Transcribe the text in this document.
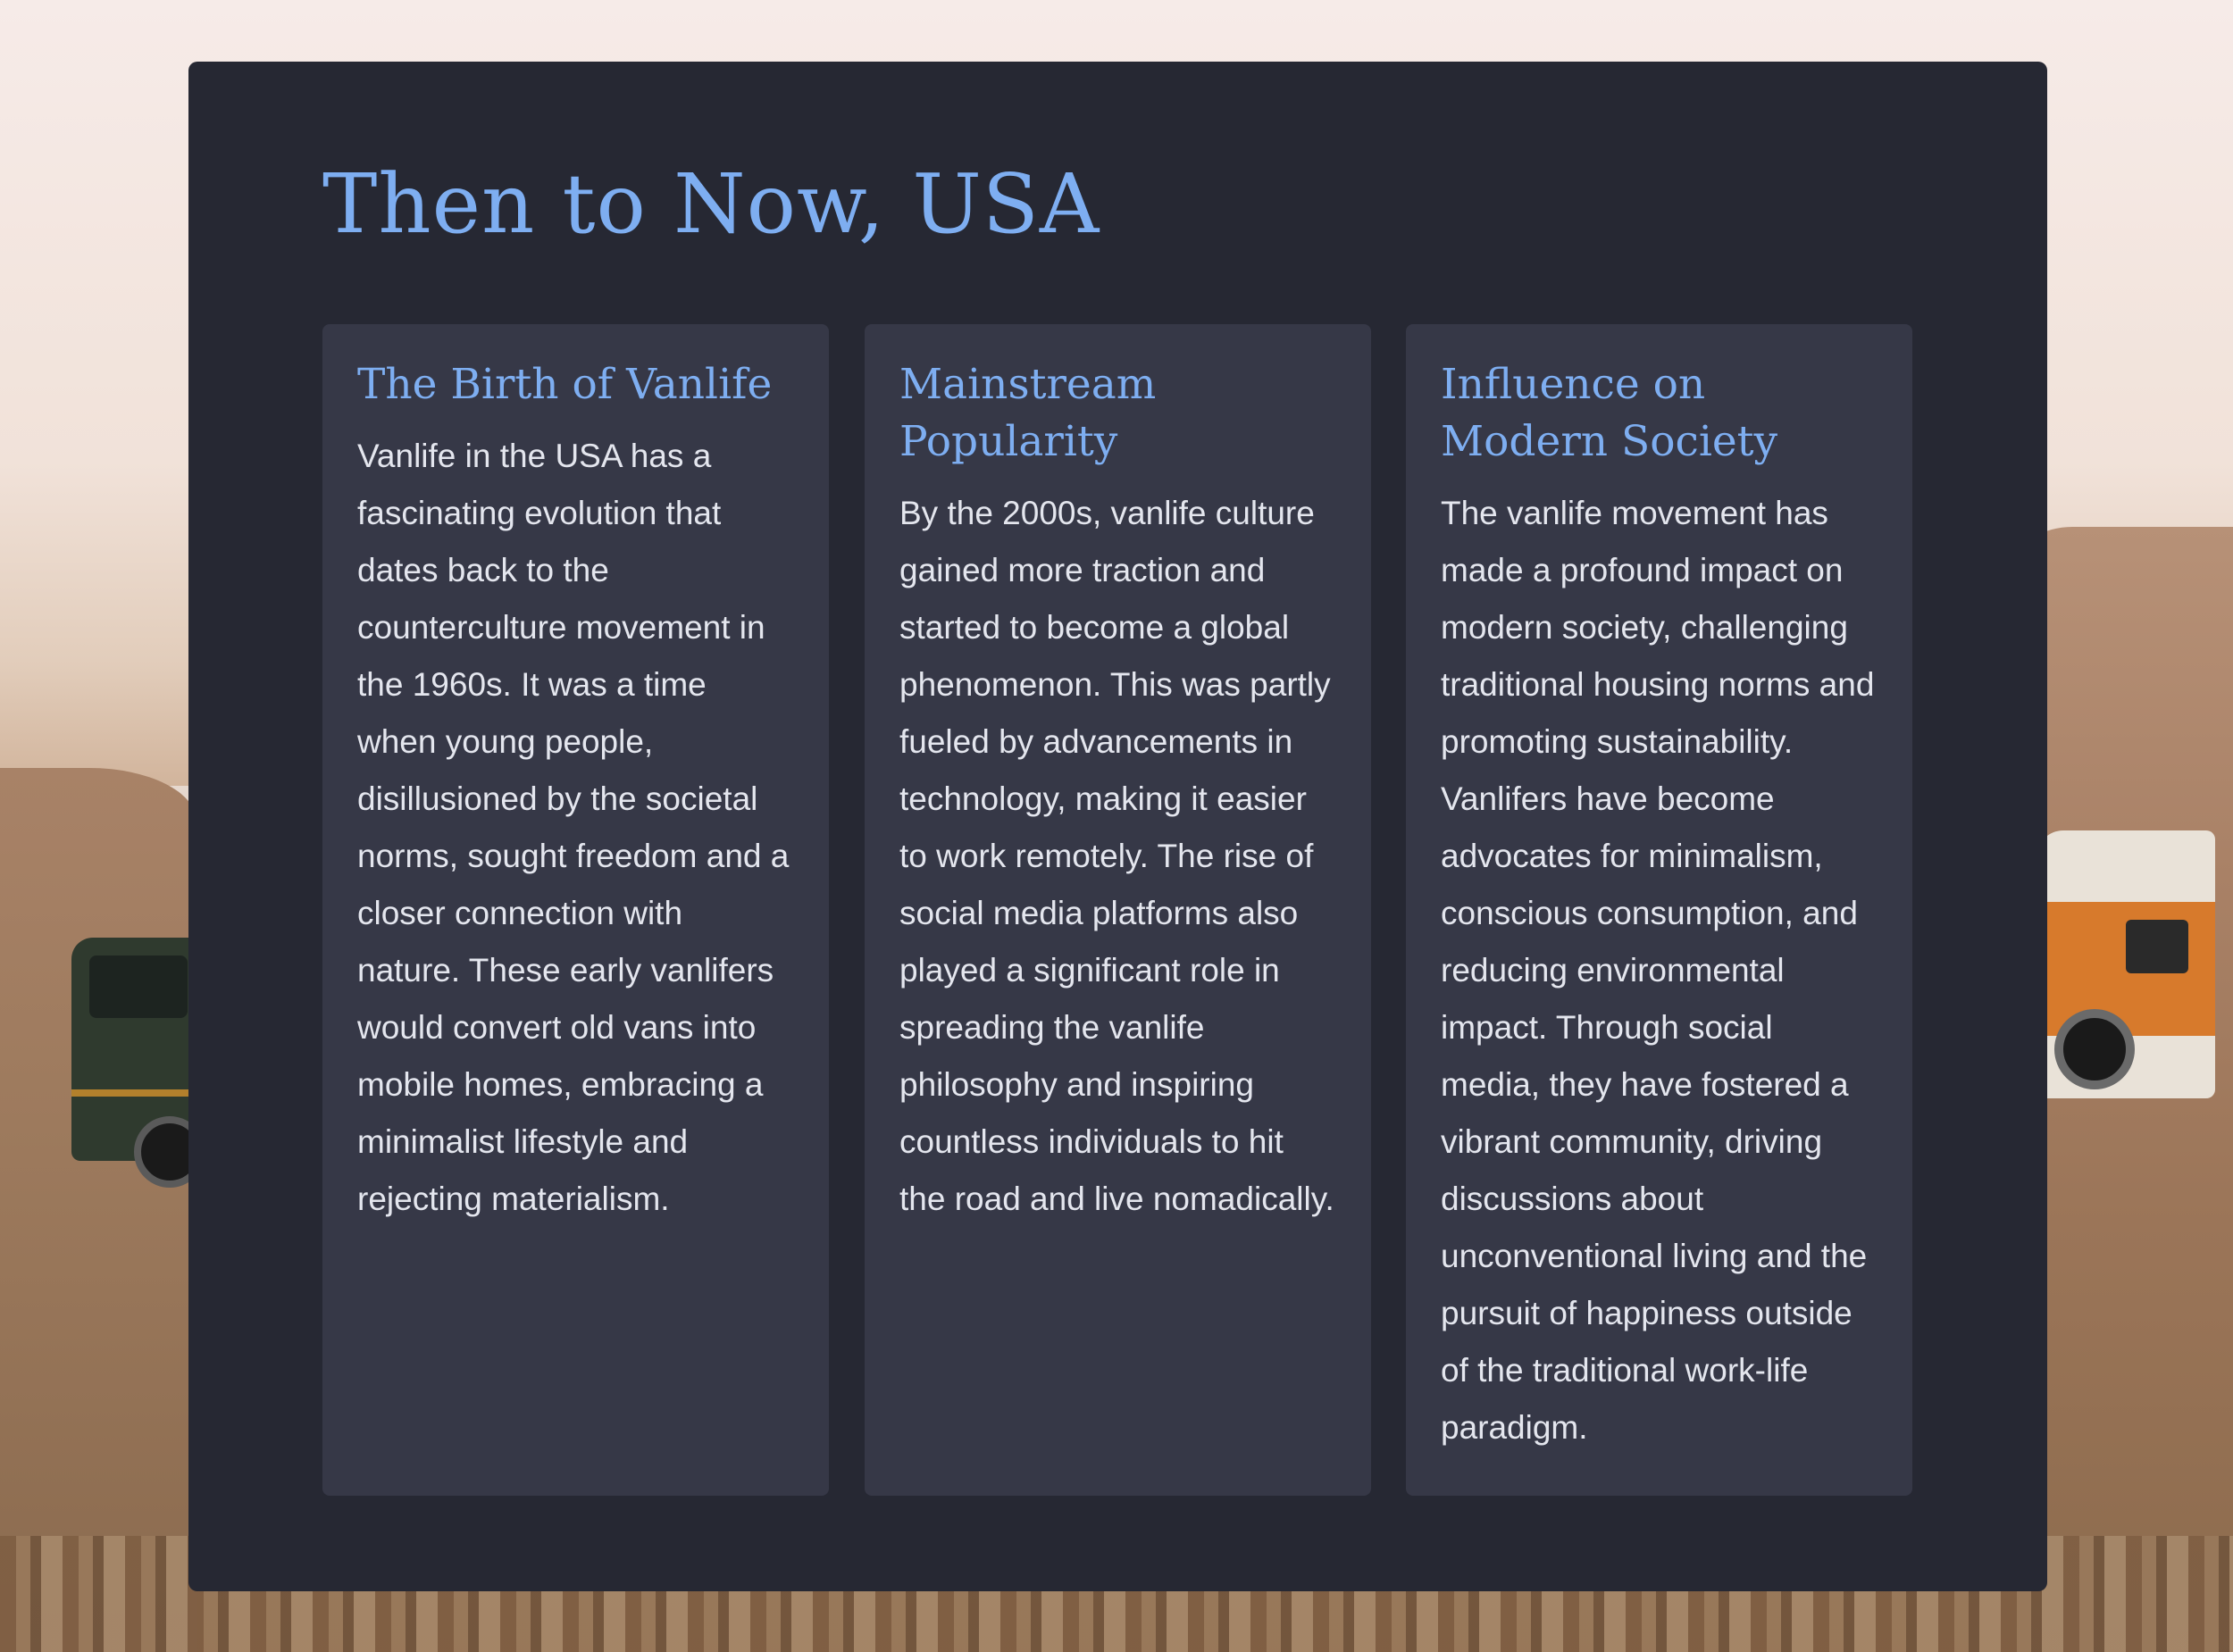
Then to Now, USA
The Birth of Vanlife

Vanlife in the USA has a fascinating evolution that dates back to the counterculture movement in the 1960s. It was a time when young people, disillusioned by the societal norms, sought freedom and a closer connection with nature. These early vanlifers would convert old vans into mobile homes, embracing a minimalist lifestyle and rejecting materialism.

Mainstream Popularity

By the 2000s, vanlife culture gained more traction and started to become a global phenomenon. This was partly fueled by advancements in technology, making it easier to work remotely. The rise of social media platforms also played a significant role in spreading the vanlife philosophy and inspiring countless individuals to hit the road and live nomadically.

Influence on Modern Society

The vanlife movement has made a profound impact on modern society, challenging traditional housing norms and promoting sustainability. Vanlifers have become advocates for minimalism, conscious consumption, and reducing environmental impact. Through social media, they have fostered a vibrant community, driving discussions about unconventional living and the pursuit of happiness outside of the traditional work-life paradigm.
